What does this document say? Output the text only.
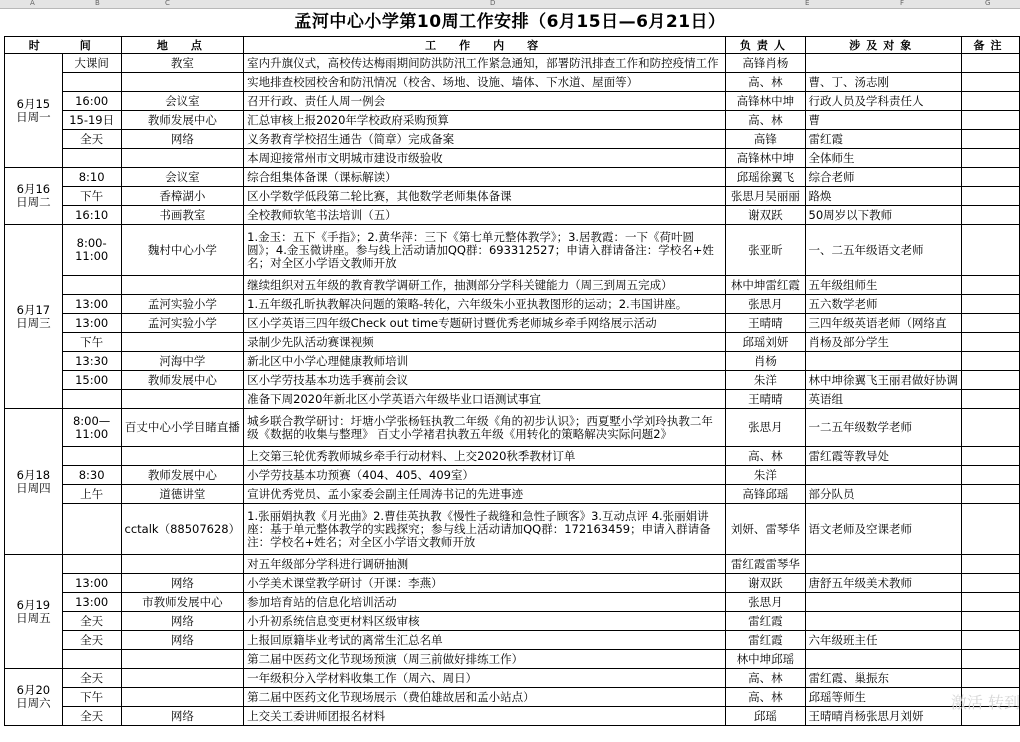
A	B	C	D	E	F	G
孟河中心小学第10周工作安排（6月15日—6月21日）
时　　间		地　点	工　作　内　容	负责人	涉及对象	备注
6月15日周一	大课间	教室	室内升旗仪式，高校传达梅雨期间防洪防汛工作紧急通知，部署防汛排查工作和防控疫情工作	高锋肖杨		
			实地排查校园校舍和防汛情况（校舍、场地、设施、墙体、下水道、屋面等）	高、林	曹、丁、汤志刚	
	16:00	会议室	召开行政、责任人周一例会	高锋林中坤	行政人员及学科责任人	
	15-19日	教师发展中心	汇总审核上报2020年学校政府采购预算	高、林	曹	
	全天	网络	义务教育学校招生通告（简章）完成备案	高锋	雷红霞	
			本周迎接常州市文明城市建设市级验收	高锋林中坤	全体师生	
6月16日周二	8:10	会议室	综合组集体备课（课标解读）	邱瑶徐翼飞	综合老师	
	下午	香樟湖小	区小学数学低段第二轮比赛，其他数学老师集体备课	张思月吴丽丽	路焕	
	16:10	书画教室	全校教师软笔书法培训（五）	谢双跃	50周岁以下教师	
6月17日周三	8:00-11:00	魏村中心小学	1.金玉：五下《手指》；2.黄华萍：三下《第七单元整体教学》；3.居教霞：一下《荷叶圆圆》；4.金玉微讲座。参与线上活动请加QQ群：693312527；申请入群请备注：学校名+姓名；对全区小学语文教师开放	张亚昕	一、二五年级语文老师	
			继续组织对五年级的教育教学调研工作，抽测部分学科关键能力（周三到周五完成）	林中坤雷红霞	五年级组师生	
	13:00	孟河实验小学	1.五年级孔昕执教解决问题的策略-转化，六年级朱小亚执教图形的运动；2.韦国讲座。	张思月	五六数学老师	
	13:00	孟河实验小学	区小学英语三四年级Check out time专题研讨暨优秀老师城乡牵手网络展示活动	王晴晴	三四年级英语老师（网络直	
	下午		录制少先队活动赛课视频	邱瑶刘妍	肖杨及部分学生	
	13:30	河海中学	新北区中小学心理健康教师培训	肖杨		
	15:00	教师发展中心	区小学劳技基本功选手赛前会议	朱洋	林中坤徐翼飞王丽君做好协调	
			准备下周2020年新北区小学英语六年级毕业口语测试事宜	王晴晴	英语组	
6月18日周四	8:00—11:00	百丈中心小学目睹直播	城乡联合教学研讨：圩塘小学张杨钰执教二年级《角的初步认识》；西夏墅小学刘玲执教二年级《数据的收集与整理》 百丈小学褚君执教五年级《用转化的策略解决实际问题2》	张思月	一二五年级数学老师	
			上交第三轮优秀教师城乡牵手行动材料、上交2020秋季教材订单	高、林	雷红霞等教导处	
	8:30	教师发展中心	小学劳技基本功预赛（404、405、409室）	朱洋		
	上午	道德讲堂	宣讲优秀党员、孟小家委会副主任周涛书记的先进事迹	高锋邱瑶	部分队员	
		cctalk（88507628）	1.张丽娟执教《月光曲》2.曹佳英执教《慢性子裁缝和急性子顾客》3.互动点评 4.张丽娟讲座：基于单元整体教学的实践探究；参与线上活动请加QQ群：172163459；申请入群请备注：学校名+姓名；对全区小学语文教师开放	刘妍、雷琴华	语文老师及空课老师	
6月19日周五			对五年级部分学科进行调研抽测	雷红霞雷琴华		
	13:00	网络	小学美术课堂教学研讨（开课：李燕）	谢双跃	唐舒五年级美术教师	
	13:00	市教师发展中心	参加培育站的信息化培训活动	张思月		
	全天	网络	小升初系统信息变更材料区级审核	雷红霞		
	全天	网络	上报回原籍毕业考试的离常生汇总名单	雷红霞	六年级班主任	
			第二届中医药文化节现场预演（周三前做好排练工作）	林中坤邱瑶		
6月20日周六	全天		一年级积分入学材料收集工作（周六、周日）	高、林	雷红霞、巢振东	
	下午		第二届中医药文化节现场展示（费伯雄故居和孟小站点）	高、林	邱瑶等师生	
	全天	网络	上交关工委讲师团报名材料	邱瑶	王晴晴肖杨张思月刘妍	
激活 转到
